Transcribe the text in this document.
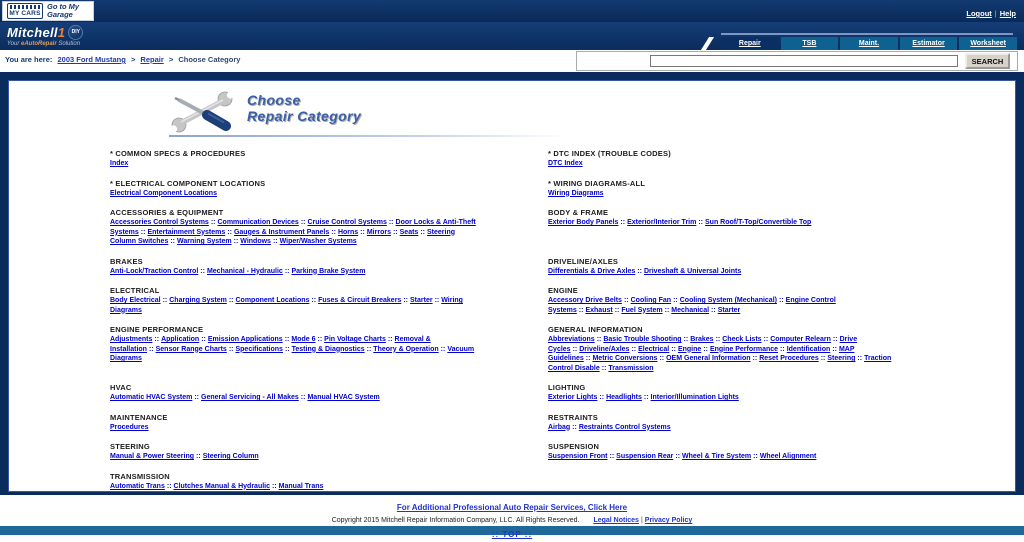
MY CARS
Go to My Garage	Logout | Help
Mitchell1	DIY
Your eAutoRepair Solution	Repair	TSB	Maint.	Estimator	Worksheet
You are here: 2003 Ford Mustang > Repair > Choose Category	SEARCH
Choose
Repair Category
* COMMON SPECS & PROCEDURES
Index
* DTC INDEX (TROUBLE CODES)
DTC Index
* ELECTRICAL COMPONENT LOCATIONS
Electrical Component Locations
* WIRING DIAGRAMS-ALL
Wiring Diagrams
ACCESSORIES & EQUIPMENT
Accessories Control Systems :: Communication Devices :: Cruise Control Systems :: Door Locks & Anti-Theft Systems :: Entertainment Systems :: Gauges & Instrument Panels :: Horns :: Mirrors :: Seats :: Steering Column Switches :: Warning System :: Windows :: Wiper/Washer Systems
BODY & FRAME
Exterior Body Panels :: Exterior/Interior Trim :: Sun Roof/T-Top/Convertible Top
BRAKES
Anti-Lock/Traction Control :: Mechanical - Hydraulic :: Parking Brake System
DRIVELINE/AXLES
Differentials & Drive Axles :: Driveshaft & Universal Joints
ELECTRICAL
Body Electrical :: Charging System :: Component Locations :: Fuses & Circuit Breakers :: Starter :: Wiring Diagrams
ENGINE
Accessory Drive Belts :: Cooling Fan :: Cooling System (Mechanical) :: Engine Control Systems :: Exhaust :: Fuel System :: Mechanical :: Starter
ENGINE PERFORMANCE
Adjustments :: Application :: Emission Applications :: Mode 6 :: Pin Voltage Charts :: Removal & Installation :: Sensor Range Charts :: Specifications :: Testing & Diagnostics :: Theory & Operation :: Vacuum Diagrams
GENERAL INFORMATION
Abbreviations :: Basic Trouble Shooting :: Brakes :: Check Lists :: Computer Relearn :: Drive Cycles :: Driveline/Axles :: Electrical :: Engine :: Engine Performance :: Identification :: MAP Guidelines :: Metric Conversions :: OEM General Information :: Reset Procedures :: Steering :: Traction Control Disable :: Transmission
HVAC
Automatic HVAC System :: General Servicing - All Makes :: Manual HVAC System
LIGHTING
Exterior Lights :: Headlights :: Interior/Illumination Lights
MAINTENANCE
Procedures
RESTRAINTS
Airbag :: Restraints Control Systems
STEERING
Manual & Power Steering :: Steering Column
SUSPENSION
Suspension Front :: Suspension Rear :: Wheel & Tire System :: Wheel Alignment
TRANSMISSION
Automatic Trans :: Clutches Manual & Hydraulic :: Manual Trans
For Additional Professional Auto Repair Services, Click Here
Copyright 2015 Mitchell Repair Information Company, LLC. All Rights Reserved. Legal Notices | Privacy Policy
:: TOP ::
